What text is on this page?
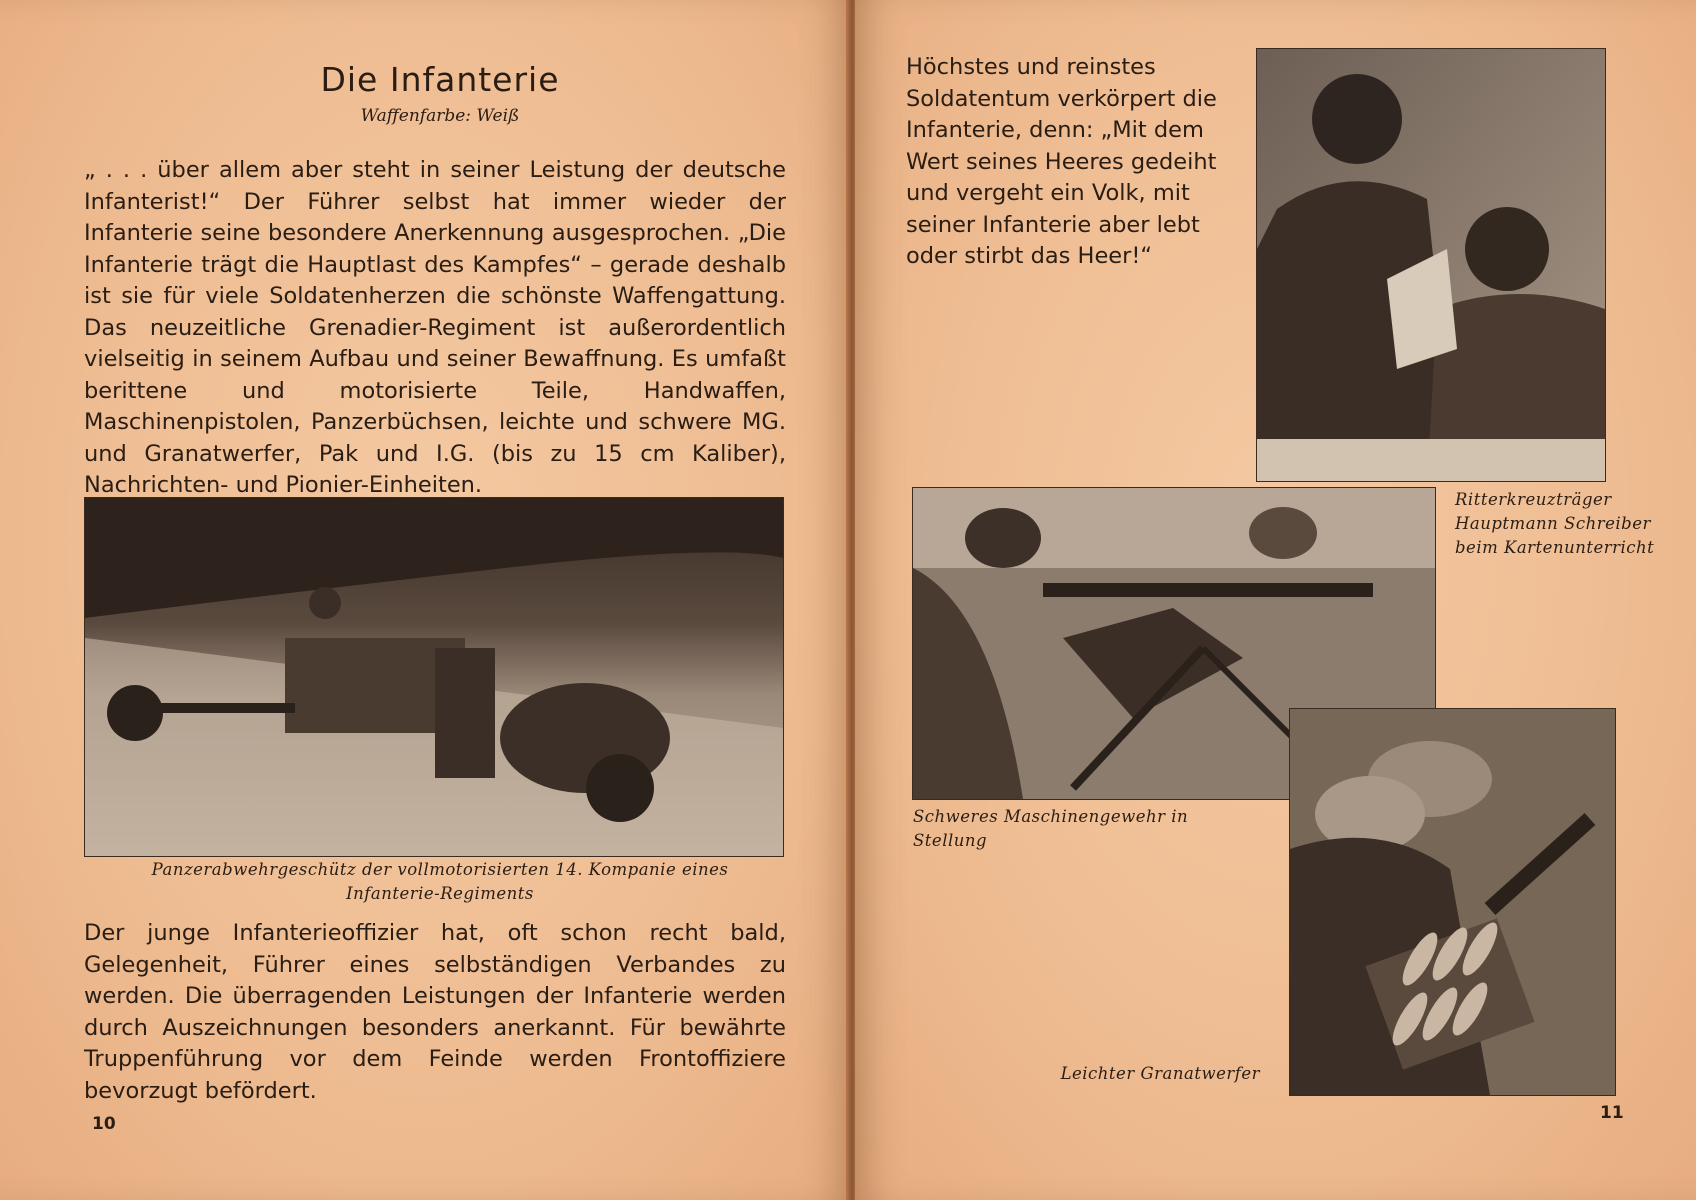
Die Infanterie
Waffenfarbe: Weiß
„ . . . über allem aber steht in seiner Leistung der deutsche Infanterist!“ Der Führer selbst hat immer wieder der Infanterie seine besondere Anerkennung ausgesprochen. „Die Infanterie trägt die Hauptlast des Kampfes“ – gerade deshalb ist sie für viele Soldatenherzen die schönste Waffengattung. Das neuzeitliche Grenadier-Regiment ist außerordentlich vielseitig in seinem Aufbau und seiner Bewaffnung. Es umfaßt berittene und motorisierte Teile, Handwaffen, Maschinenpistolen, Panzerbüchsen, leichte und schwere MG. und Granatwerfer, Pak und I.G. (bis zu 15 cm Kaliber), Nachrichten- und Pionier-Einheiten.
Panzerabwehrgeschütz der vollmotorisierten 14. Kompanie eines Infanterie-Regiments
Der junge Infanterieoffizier hat, oft schon recht bald, Gelegenheit, Führer eines selbständigen Verbandes zu werden. Die überragenden Leistungen der Infanterie werden durch Auszeichnungen besonders anerkannt. Für bewährte Truppenführung vor dem Feinde werden Frontoffiziere bevorzugt befördert.
10
Höchstes und reinstes Soldatentum verkörpert die Infanterie, denn: „Mit dem Wert seines Heeres gedeiht und vergeht ein Volk, mit seiner Infanterie aber lebt oder stirbt das Heer!“
Ritterkreuzträger Hauptmann Schreiber beim Kartenunterricht
Schweres Maschinengewehr in Stellung
Leichter Granatwerfer
11
